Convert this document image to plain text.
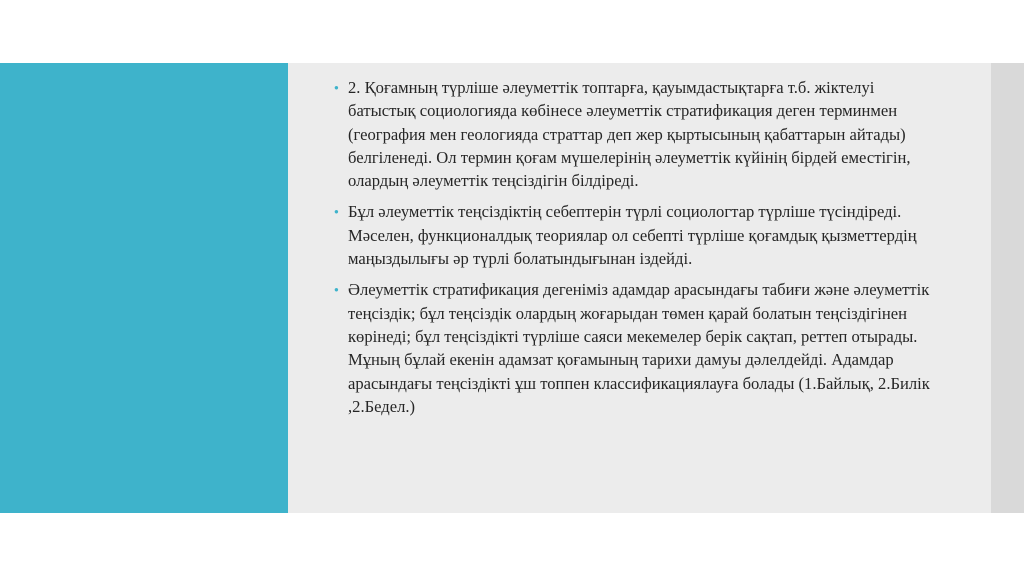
● 2. Қоғамның түрліше әлеуметтік топтарға, қауымдастықтарға т.б. жіктелуі батыстық социологияда көбінесе әлеуметтік стратификация деген терминмен (география мен геологияда страттар деп жер қыртысының қабаттарын айтады) белгіленеді. Ол термин қоғам мүшелерінің әлеуметтік күйінің бірдей еместігін, олардың әлеуметтік теңсіздігін білдіреді.
● Бұл әлеуметтік теңсіздіктің себептерін түрлі социологтар түрліше түсіндіреді. Мәселен, функционалдық теориялар ол себепті түрліше қоғамдық қызметтердің маңыздылығы әр түрлі болатындығынан іздейді.
● Әлеуметтік стратификация дегеніміз адамдар арасындағы табиғи және әлеуметтік теңсіздік; бұл теңсіздік олардың жоғарыдан төмен қарай болатын теңсіздігінен көрінеді; бұл теңсіздікті түрліше саяси мекемелер берік сақтап, реттеп отырады. Мұның бұлай екенін адамзат қоғамының тарихи дамуы дәлелдейді. Адамдар арасындағы теңсіздікті ұш топпен классификациялауға болады (1.Байлық, 2.Билік ,2.Бедел.)
